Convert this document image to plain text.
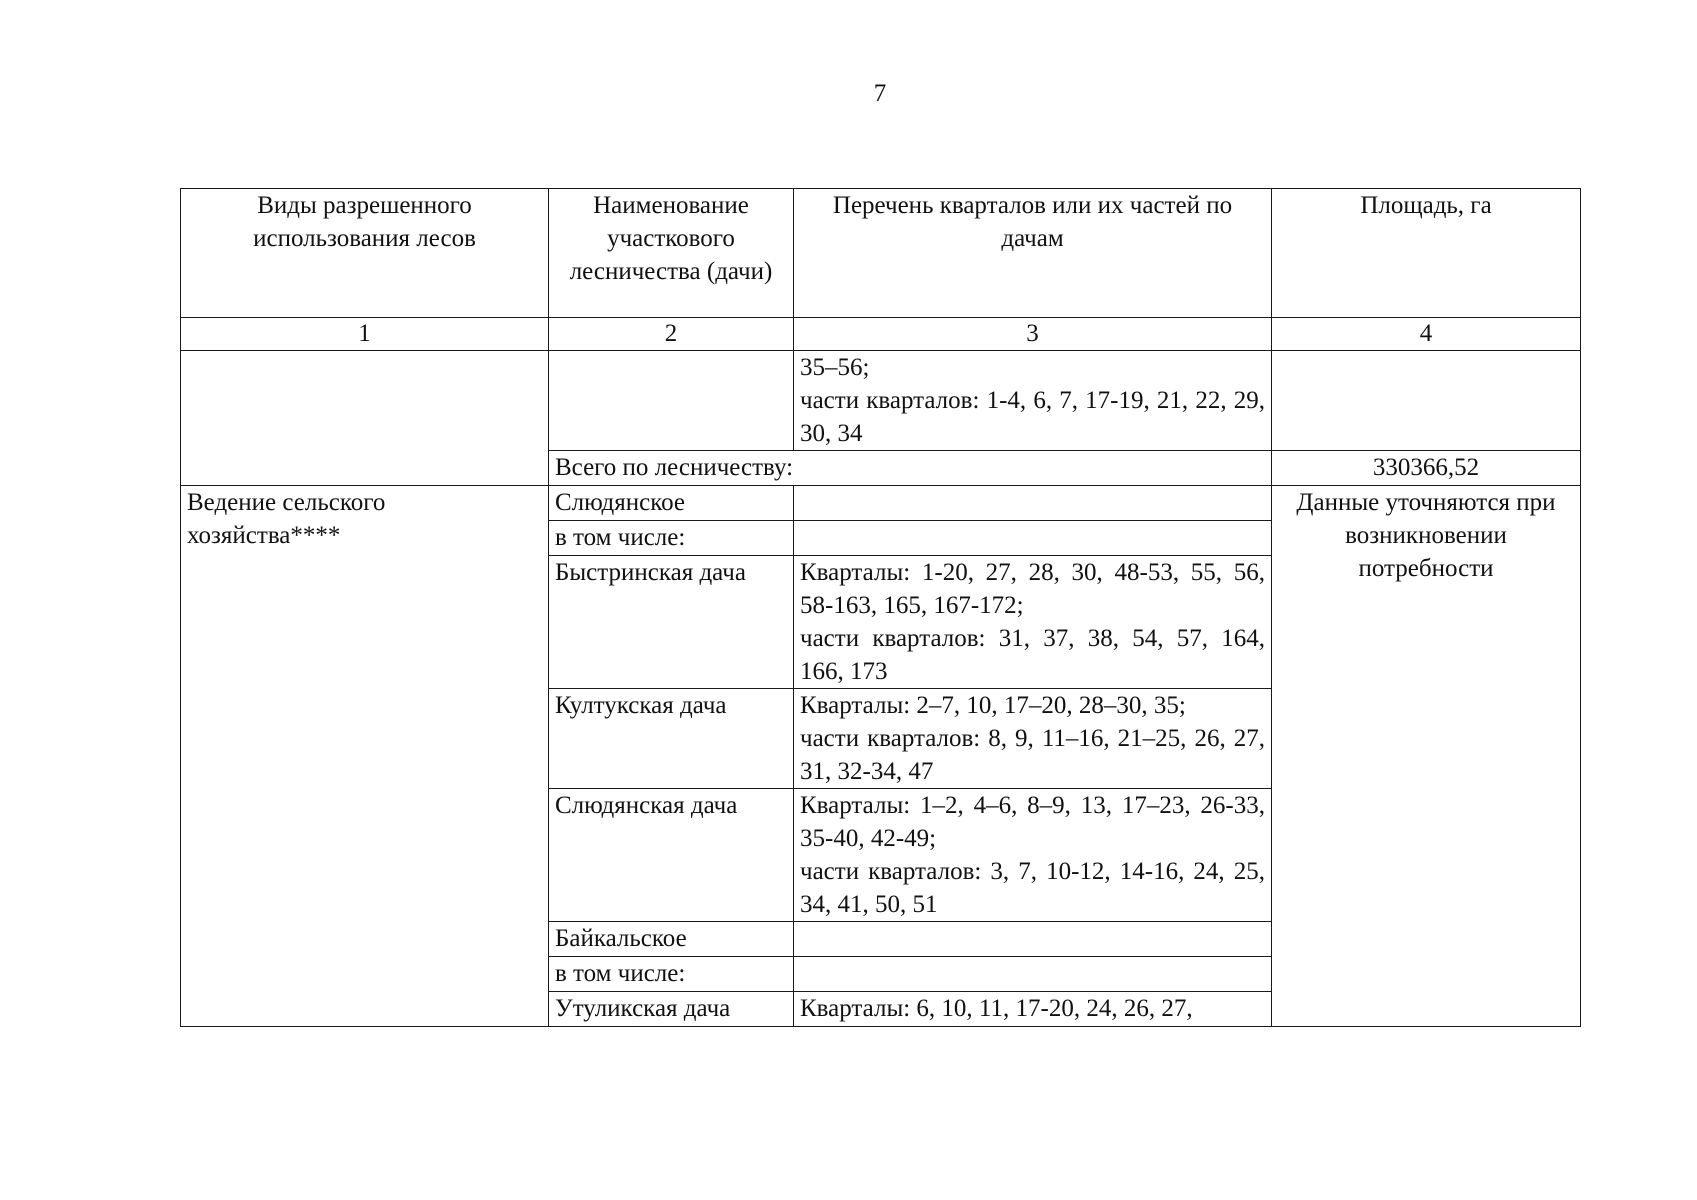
7
Виды разрешенного использования лесов	Наименование участкового лесничества (дачи)	Перечень кварталов или их частей по дачам	Площадь, га
1	2	3	4

		35–56;
части кварталов: 1-4, 6, 7, 17-19, 21, 22, 29, 30, 34	

	Всего по лесничеству:		330366,52
Ведение сельского хозяйства****	Слюдянское		Данные уточняются при возникновении потребности
	в том числе:		
	Быстринская дача	Кварталы: 1-20, 27, 28, 30, 48-53, 55, 56, 58-163, 165, 167-172;
части кварталов: 31, 37, 38, 54, 57, 164, 166, 173	

	Култукская дача	Кварталы: 2–7, 10, 17–20, 28–30, 35;
части кварталов: 8, 9, 11–16, 21–25, 26, 27, 31, 32-34, 47	

	Слюдянская дача	Кварталы: 1–2, 4–6, 8–9, 13, 17–23, 26-33, 35-40, 42-49;
части кварталов: 3, 7, 10-12, 14-16, 24, 25, 34, 41, 50, 51	

	Байкальское		
	в том числе:		
	Утуликская дача	Кварталы: 6, 10, 11, 17-20, 24, 26, 27,	
